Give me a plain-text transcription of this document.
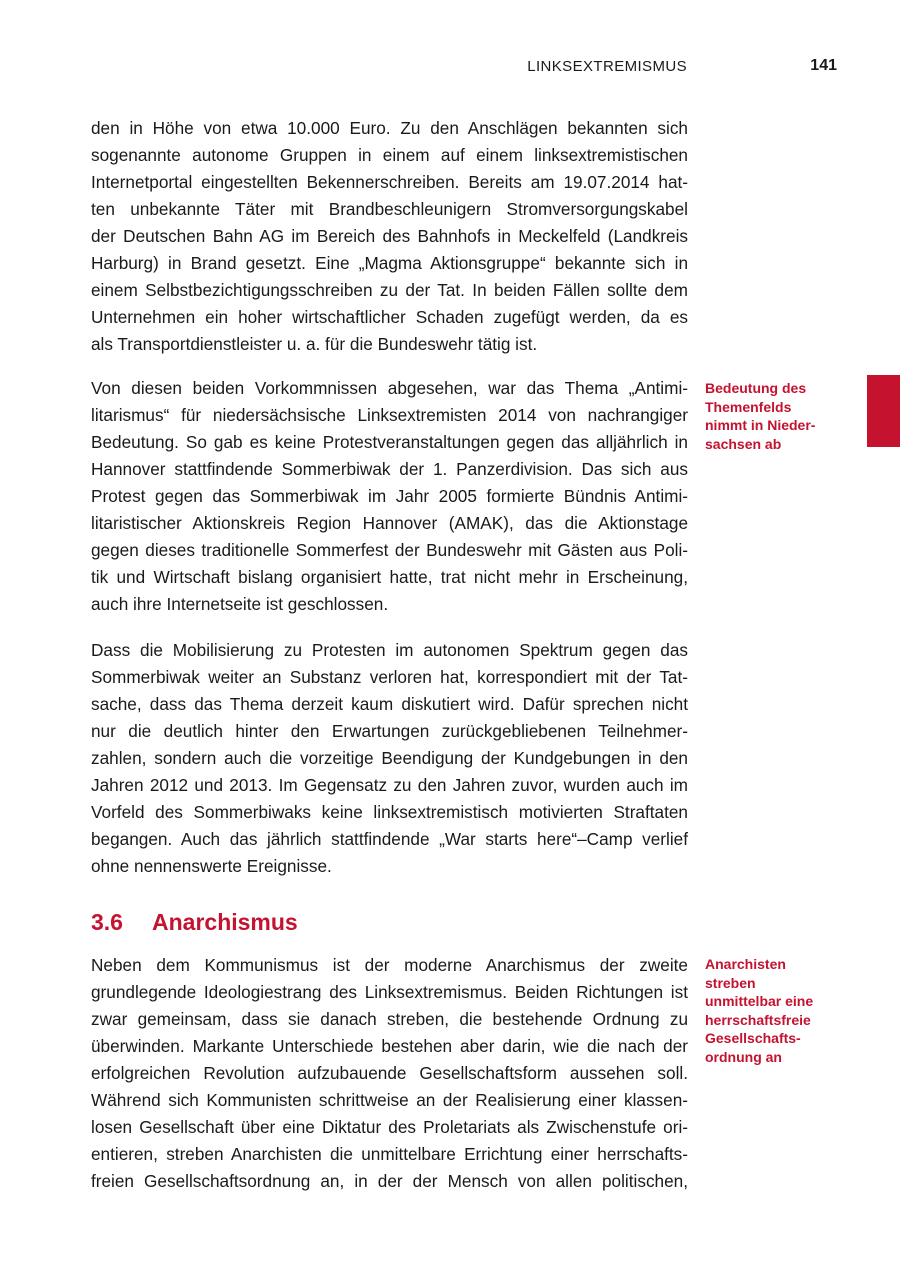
LINKSEXTREMISMUS	141

den in Höhe von etwa 10.000 Euro. Zu den Anschlägen bekannten sich
sogenannte autonome Gruppen in einem auf einem linksextremistischen
Internetportal eingestellten Bekennerschreiben. Bereits am 19.07.2014 hat-
ten unbekannte Täter mit Brandbeschleunigern Stromversorgungskabel
der Deutschen Bahn AG im Bereich des Bahnhofs in Meckelfeld (Landkreis
Harburg) in Brand gesetzt. Eine „Magma Aktionsgruppe“ bekannte sich in
einem Selbstbezichtigungsschreiben zu der Tat. In beiden Fällen sollte dem
Unternehmen ein hoher wirtschaftlicher Schaden zugefügt werden, da es
als Transportdienstleister u. a. für die Bundeswehr tätig ist.

Von diesen beiden Vorkommnissen abgesehen, war das Thema „Antimi-
litarismus“ für niedersächsische Linksextremisten 2014 von nachrangiger
Bedeutung. So gab es keine Protestveranstaltungen gegen das alljährlich in
Hannover stattfindende Sommerbiwak der 1. Panzerdivision. Das sich aus
Protest gegen das Sommerbiwak im Jahr 2005 formierte Bündnis Antimi-
litaristischer Aktionskreis Region Hannover (AMAK), das die Aktionstage
gegen dieses traditionelle Sommerfest der Bundeswehr mit Gästen aus Poli-
tik und Wirtschaft bislang organisiert hatte, trat nicht mehr in Erscheinung,
auch ihre Internetseite ist geschlossen.

Dass die Mobilisierung zu Protesten im autonomen Spektrum gegen das
Sommerbiwak weiter an Substanz verloren hat, korrespondiert mit der Tat-
sache, dass das Thema derzeit kaum diskutiert wird. Dafür sprechen nicht
nur die deutlich hinter den Erwartungen zurückgebliebenen Teilnehmer-
zahlen, sondern auch die vorzeitige Beendigung der Kundgebungen in den
Jahren 2012 und 2013. Im Gegensatz zu den Jahren zuvor, wurden auch im
Vorfeld des Sommerbiwaks keine linksextremistisch motivierten Straftaten
begangen. Auch das jährlich stattfindende „War starts here“–Camp verlief
ohne nennenswerte Ereignisse.

3.6 Anarchismus

Neben dem Kommunismus ist der moderne Anarchismus der zweite
grundlegende Ideologiestrang des Linksextremismus. Beiden Richtungen ist
zwar gemeinsam, dass sie danach streben, die bestehende Ordnung zu
überwinden. Markante Unterschiede bestehen aber darin, wie die nach der
erfolgreichen Revolution aufzubauende Gesellschaftsform aussehen soll.
Während sich Kommunisten schrittweise an der Realisierung einer klassen-
losen Gesellschaft über eine Diktatur des Proletariats als Zwischenstufe ori-
entieren, streben Anarchisten die unmittelbare Errichtung einer herrschafts-
freien Gesellschaftsordnung an, in der der Mensch von allen politischen,

Bedeutung des
Themenfelds
nimmt in Nieder-
sachsen ab
Anarchisten
streben
unmittelbar eine
herrschaftsfreie
Gesellschafts-
ordnung an
